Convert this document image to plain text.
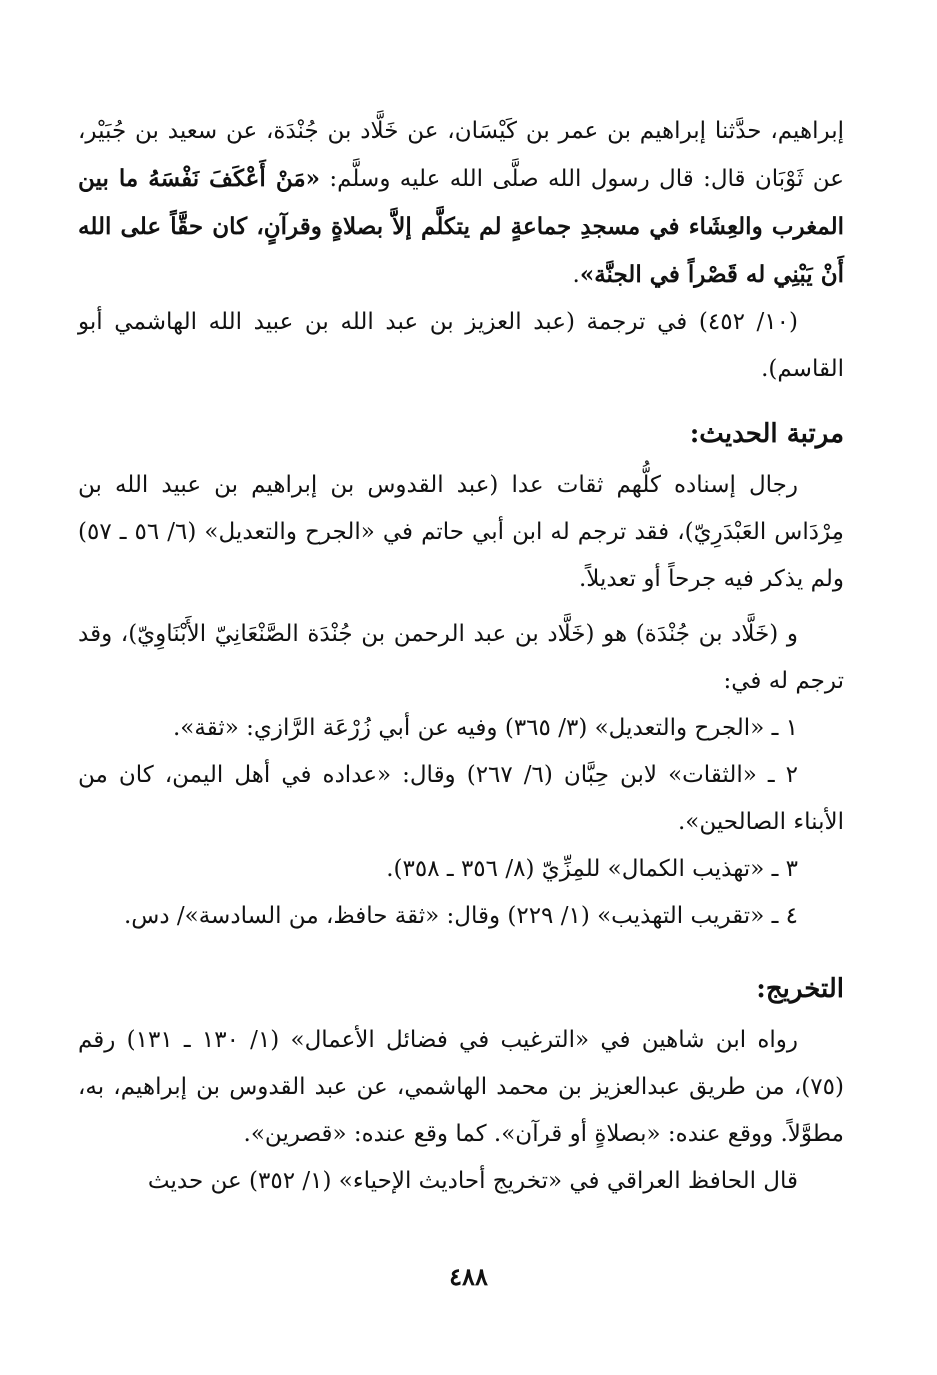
إبراهيم، حدَّثنا إبراهيم بن عمر بن كَيْسَان، عن خَلَّاد بن جُنْدَة، عن سعيد بن جُبَيْر، عن ثَوْبَان قال: قال رسول الله صلَّى الله عليه وسلَّم: «مَنْ أَعْكَفَ نَفْسَهُ ما بين المغرب والعِشَاء في مسجدِ جماعةٍ لم يتكلَّم إلاَّ بصلاةٍ وقرآنٍ، كان حقَّاً على الله أَنْ يَبْنِي له قَصْراً في الجنَّة».

(١٠/ ٤٥٢) في ترجمة (عبد العزيز بن عبد الله بن عبيد الله الهاشمي أبو القاسم).

مرتبة الحديث:

رجال إسناده كلُّهم ثقات عدا (عبد القدوس بن إبراهيم بن عبيد الله بن مِرْدَاس العَبْدَرِيّ)، فقد ترجم له ابن أبي حاتم في «الجرح والتعديل» (٦/ ٥٦ ـ ٥٧) ولم يذكر فيه جرحاً أو تعديلاً.

و (خَلَّاد بن جُنْدَة) هو (خَلَّاد بن عبد الرحمن بن جُنْدَة الصَّنْعَانِيّ الأَبْنَاوِيّ)، وقد ترجم له في:

١ ـ «الجرح والتعديل» (٣/ ٣٦٥) وفيه عن أبي زُرْعَة الرَّازي: «ثقة».

٢ ـ «الثقات» لابن حِبَّان (٦/ ٢٦٧) وقال: «عداده في أهل اليمن، كان من الأبناء الصالحين».

٣ ـ «تهذيب الكمال» للمِزِّيّ (٨/ ٣٥٦ ـ ٣٥٨).

٤ ـ «تقريب التهذيب» (١/ ٢٢٩) وقال: «ثقة حافظ، من السادسة»/ دس.

التخريج:

رواه ابن شاهين في «الترغيب في فضائل الأعمال» (١/ ١٣٠ ـ ١٣١) رقم (٧٥)، من طريق عبدالعزيز بن محمد الهاشمي، عن عبد القدوس بن إبراهيم، به، مطوَّلاً. ووقع عنده: «بصلاةٍ أو قرآن». كما وقع عنده: «قصرين».

قال الحافظ العراقي في «تخريج أحاديث الإحياء» (١/ ٣٥٢) عن حديث

٤٨٨
